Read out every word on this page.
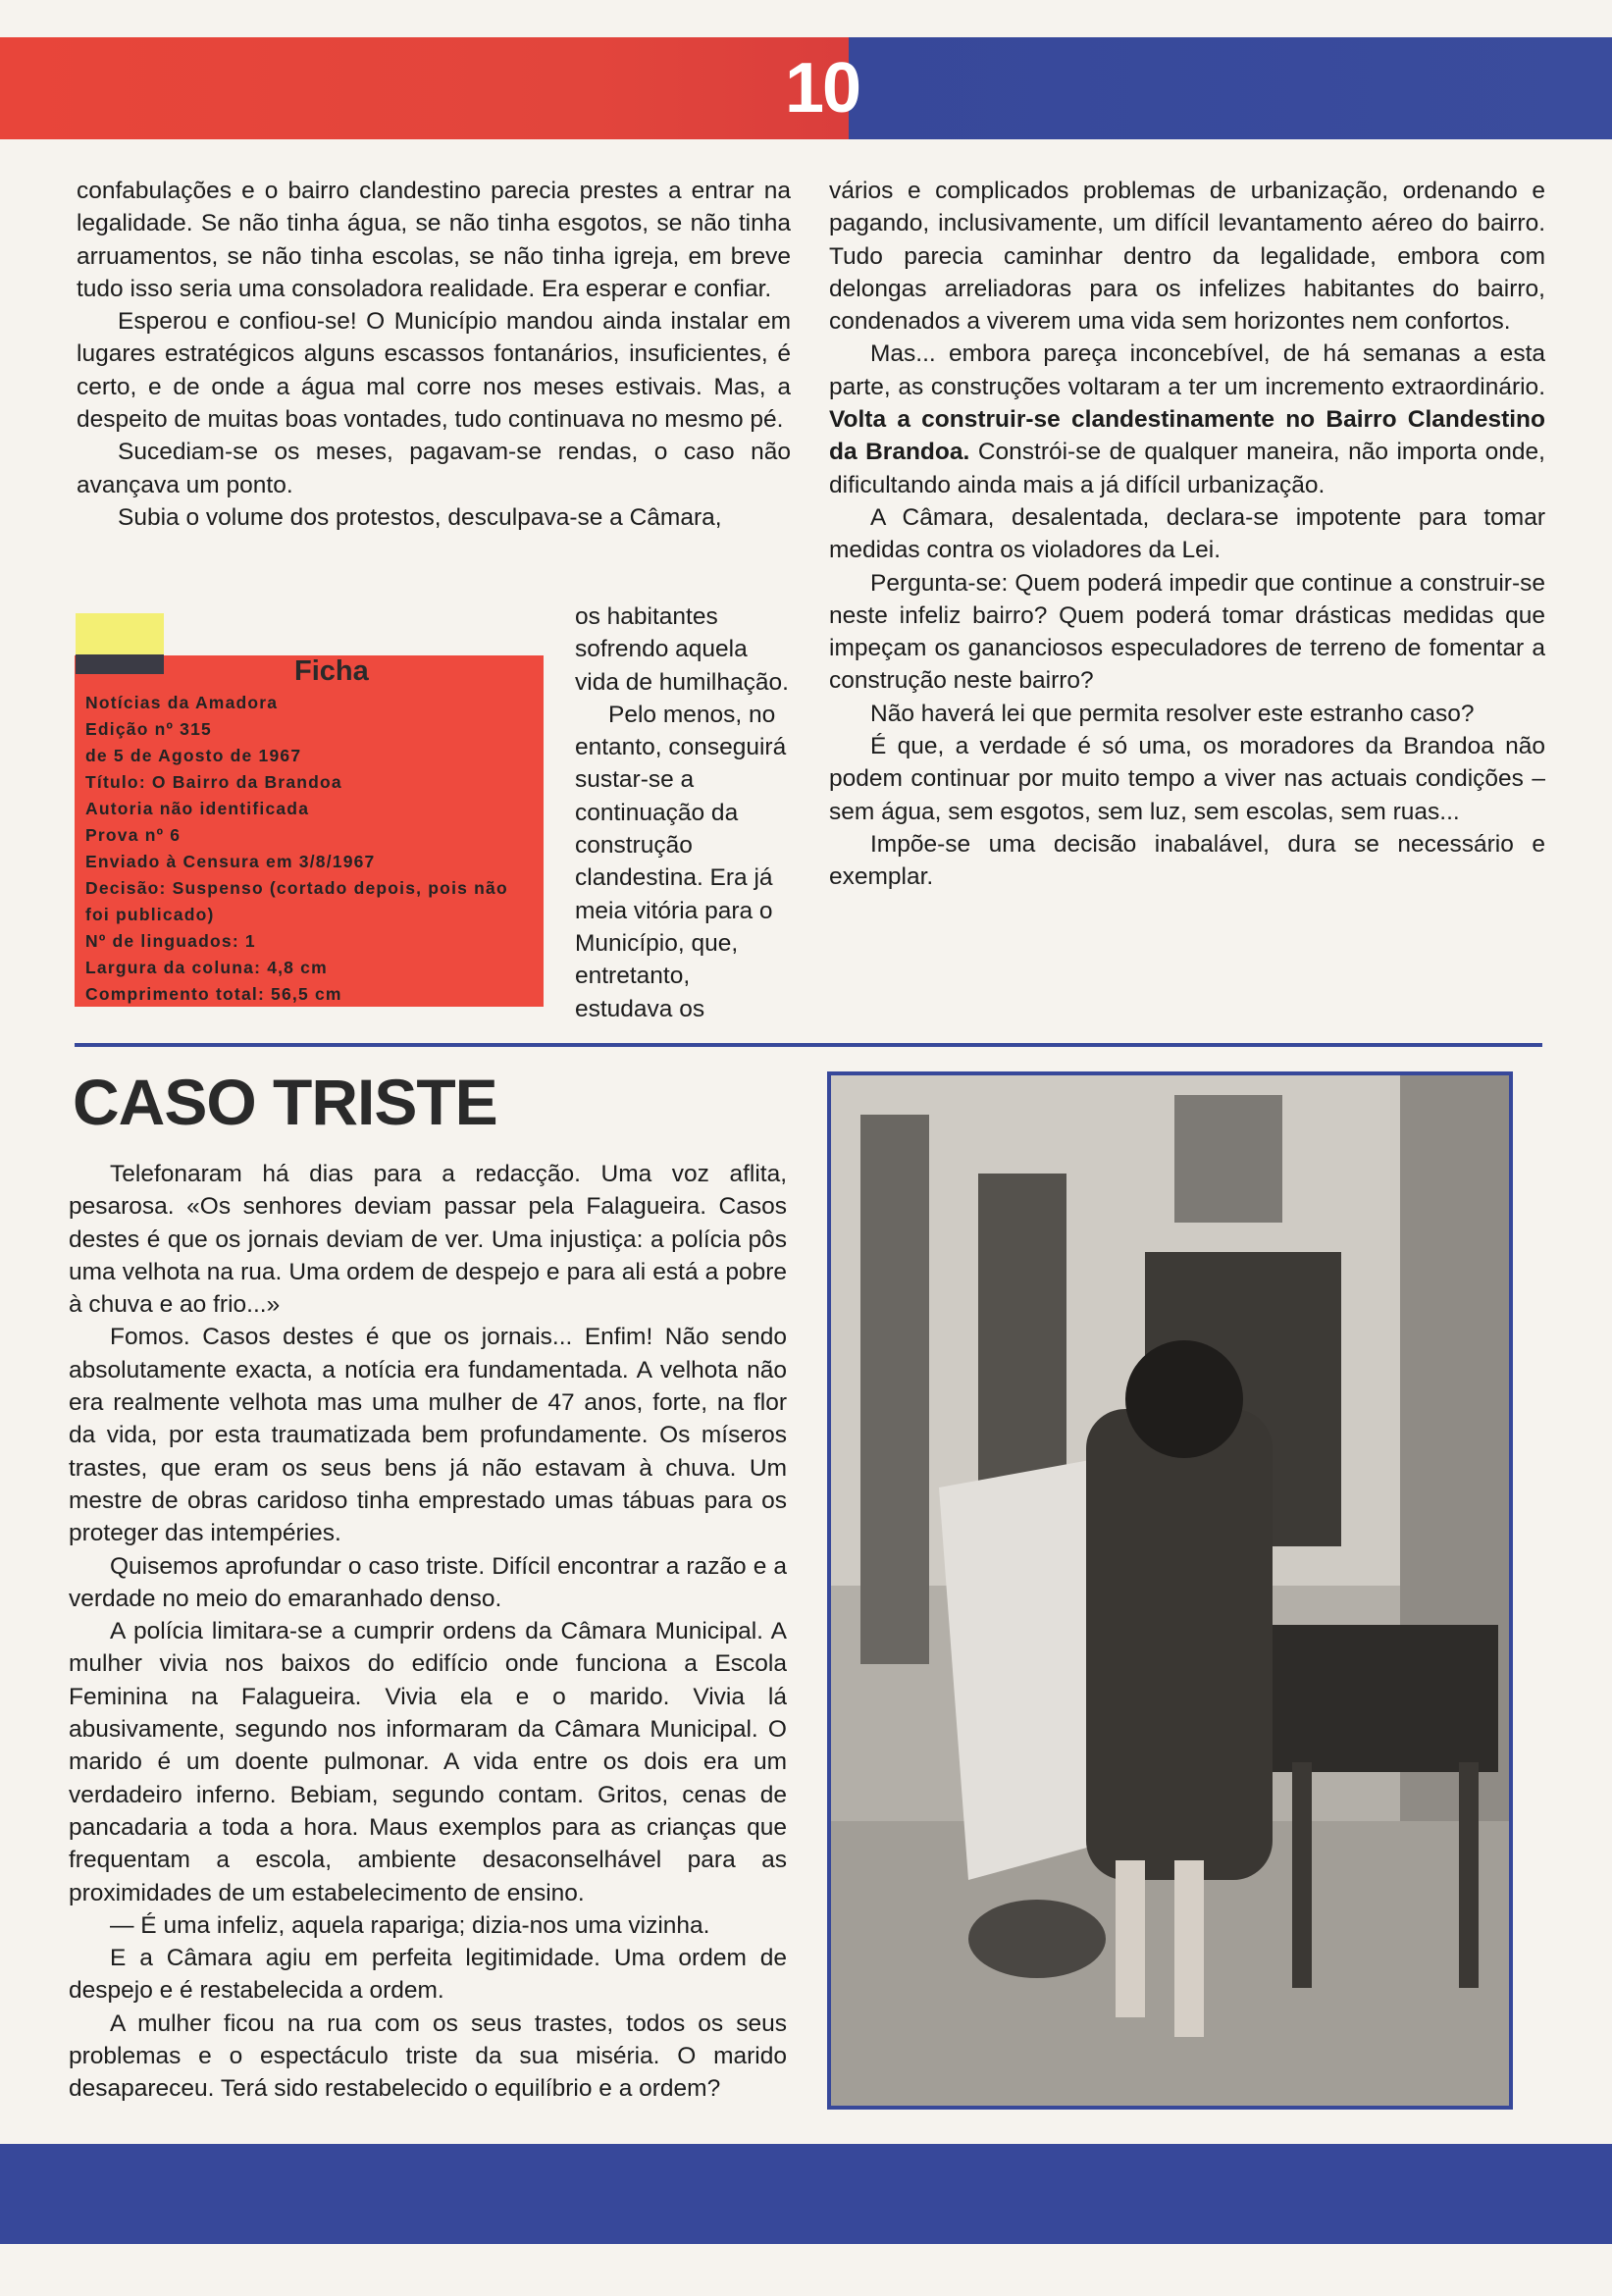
10

confabulações e o bairro clandestino parecia prestes a entrar na legalidade. Se não tinha água, se não tinha esgotos, se não tinha arruamentos, se não tinha escolas, se não tinha igreja, em breve tudo isso seria uma consoladora realidade. Era esperar e confiar.

Esperou e confiou-se! O Município mandou ainda instalar em lugares estratégicos alguns escassos fontanários, insuficientes, é certo, e de onde a água mal corre nos meses estivais. Mas, a despeito de muitas boas vontades, tudo continuava no mesmo pé.

Sucediam-se os meses, pagavam-se rendas, o caso não avançava um ponto.

Subia o volume dos protestos, desculpava-se a Câmara,

os habitantes sofrendo aquela vida de humilhação.

Pelo menos, no entanto, conseguirá sustar-se a continuação da construção clandestina. Era já meia vitória para o Município, que, entretanto, estudava os

Ficha
Notícias da Amadora
Edição nº 315
de 5 de Agosto de 1967
Título: O Bairro da Brandoa
Autoria não identificada
Prova nº 6
Enviado à Censura em 3/8/1967
Decisão: Suspenso (cortado depois, pois não
foi publicado)
Nº de linguados: 1
Largura da coluna: 4,8 cm
Comprimento total: 56,5 cm

vários e complicados problemas de urbanização, ordenando e pagando, inclusivamente, um difícil levantamento aéreo do bairro. Tudo parecia caminhar dentro da legalidade, embora com delongas arreliadoras para os infelizes habitantes do bairro, condenados a viverem uma vida sem horizontes nem confortos.

Mas... embora pareça inconcebível, de há semanas a esta parte, as construções voltaram a ter um incremento extraordinário. Volta a construir-se clandestinamente no Bairro Clandestino da Brandoa. Constrói-se de qualquer maneira, não importa onde, dificultando ainda mais a já difícil urbanização.

A Câmara, desalentada, declara-se impotente para tomar medidas contra os violadores da Lei.

Pergunta-se: Quem poderá impedir que continue a construir-se neste infeliz bairro? Quem poderá tomar drásticas medidas que impeçam os gananciosos especuladores de terreno de fomentar a construção neste bairro?

Não haverá lei que permita resolver este estranho caso?

É que, a verdade é só uma, os moradores da Brandoa não podem continuar por muito tempo a viver nas actuais condições – sem água, sem esgotos, sem luz, sem escolas, sem ruas...

Impõe-se uma decisão inabalável, dura se necessário e exemplar.

CASO TRISTE

Telefonaram há dias para a redacção. Uma voz aflita, pesarosa. «Os senhores deviam passar pela Falagueira. Casos destes é que os jornais deviam de ver. Uma injustiça: a polícia pôs uma velhota na rua. Uma ordem de despejo e para ali está a pobre à chuva e ao frio...»

Fomos. Casos destes é que os jornais... Enfim! Não sendo absolutamente exacta, a notícia era fundamentada. A velhota não era realmente velhota mas uma mulher de 47 anos, forte, na flor da vida, por esta traumatizada bem profundamente. Os míseros trastes, que eram os seus bens já não estavam à chuva. Um mestre de obras caridoso tinha emprestado umas tábuas para os proteger das intempéries.

Quisemos aprofundar o caso triste. Difícil encontrar a razão e a verdade no meio do emaranhado denso.

A polícia limitara-se a cumprir ordens da Câmara Municipal. A mulher vivia nos baixos do edifício onde funciona a Escola Feminina na Falagueira. Vivia ela e o marido. Vivia lá abusivamente, segundo nos informaram da Câmara Municipal. O marido é um doente pulmonar. A vida entre os dois era um verdadeiro inferno. Bebiam, segundo contam. Gritos, cenas de pancadaria a toda a hora. Maus exemplos para as crianças que frequentam a escola, ambiente desaconselhável para as proximidades de um estabelecimento de ensino.

— É uma infeliz, aquela rapariga; dizia-nos uma vizinha.

E a Câmara agiu em perfeita legitimidade. Uma ordem de despejo e é restabelecida a ordem.

A mulher ficou na rua com os seus trastes, todos os seus problemas e o espectáculo triste da sua miséria. O marido desapareceu. Terá sido restabelecido o equilíbrio e a ordem?
